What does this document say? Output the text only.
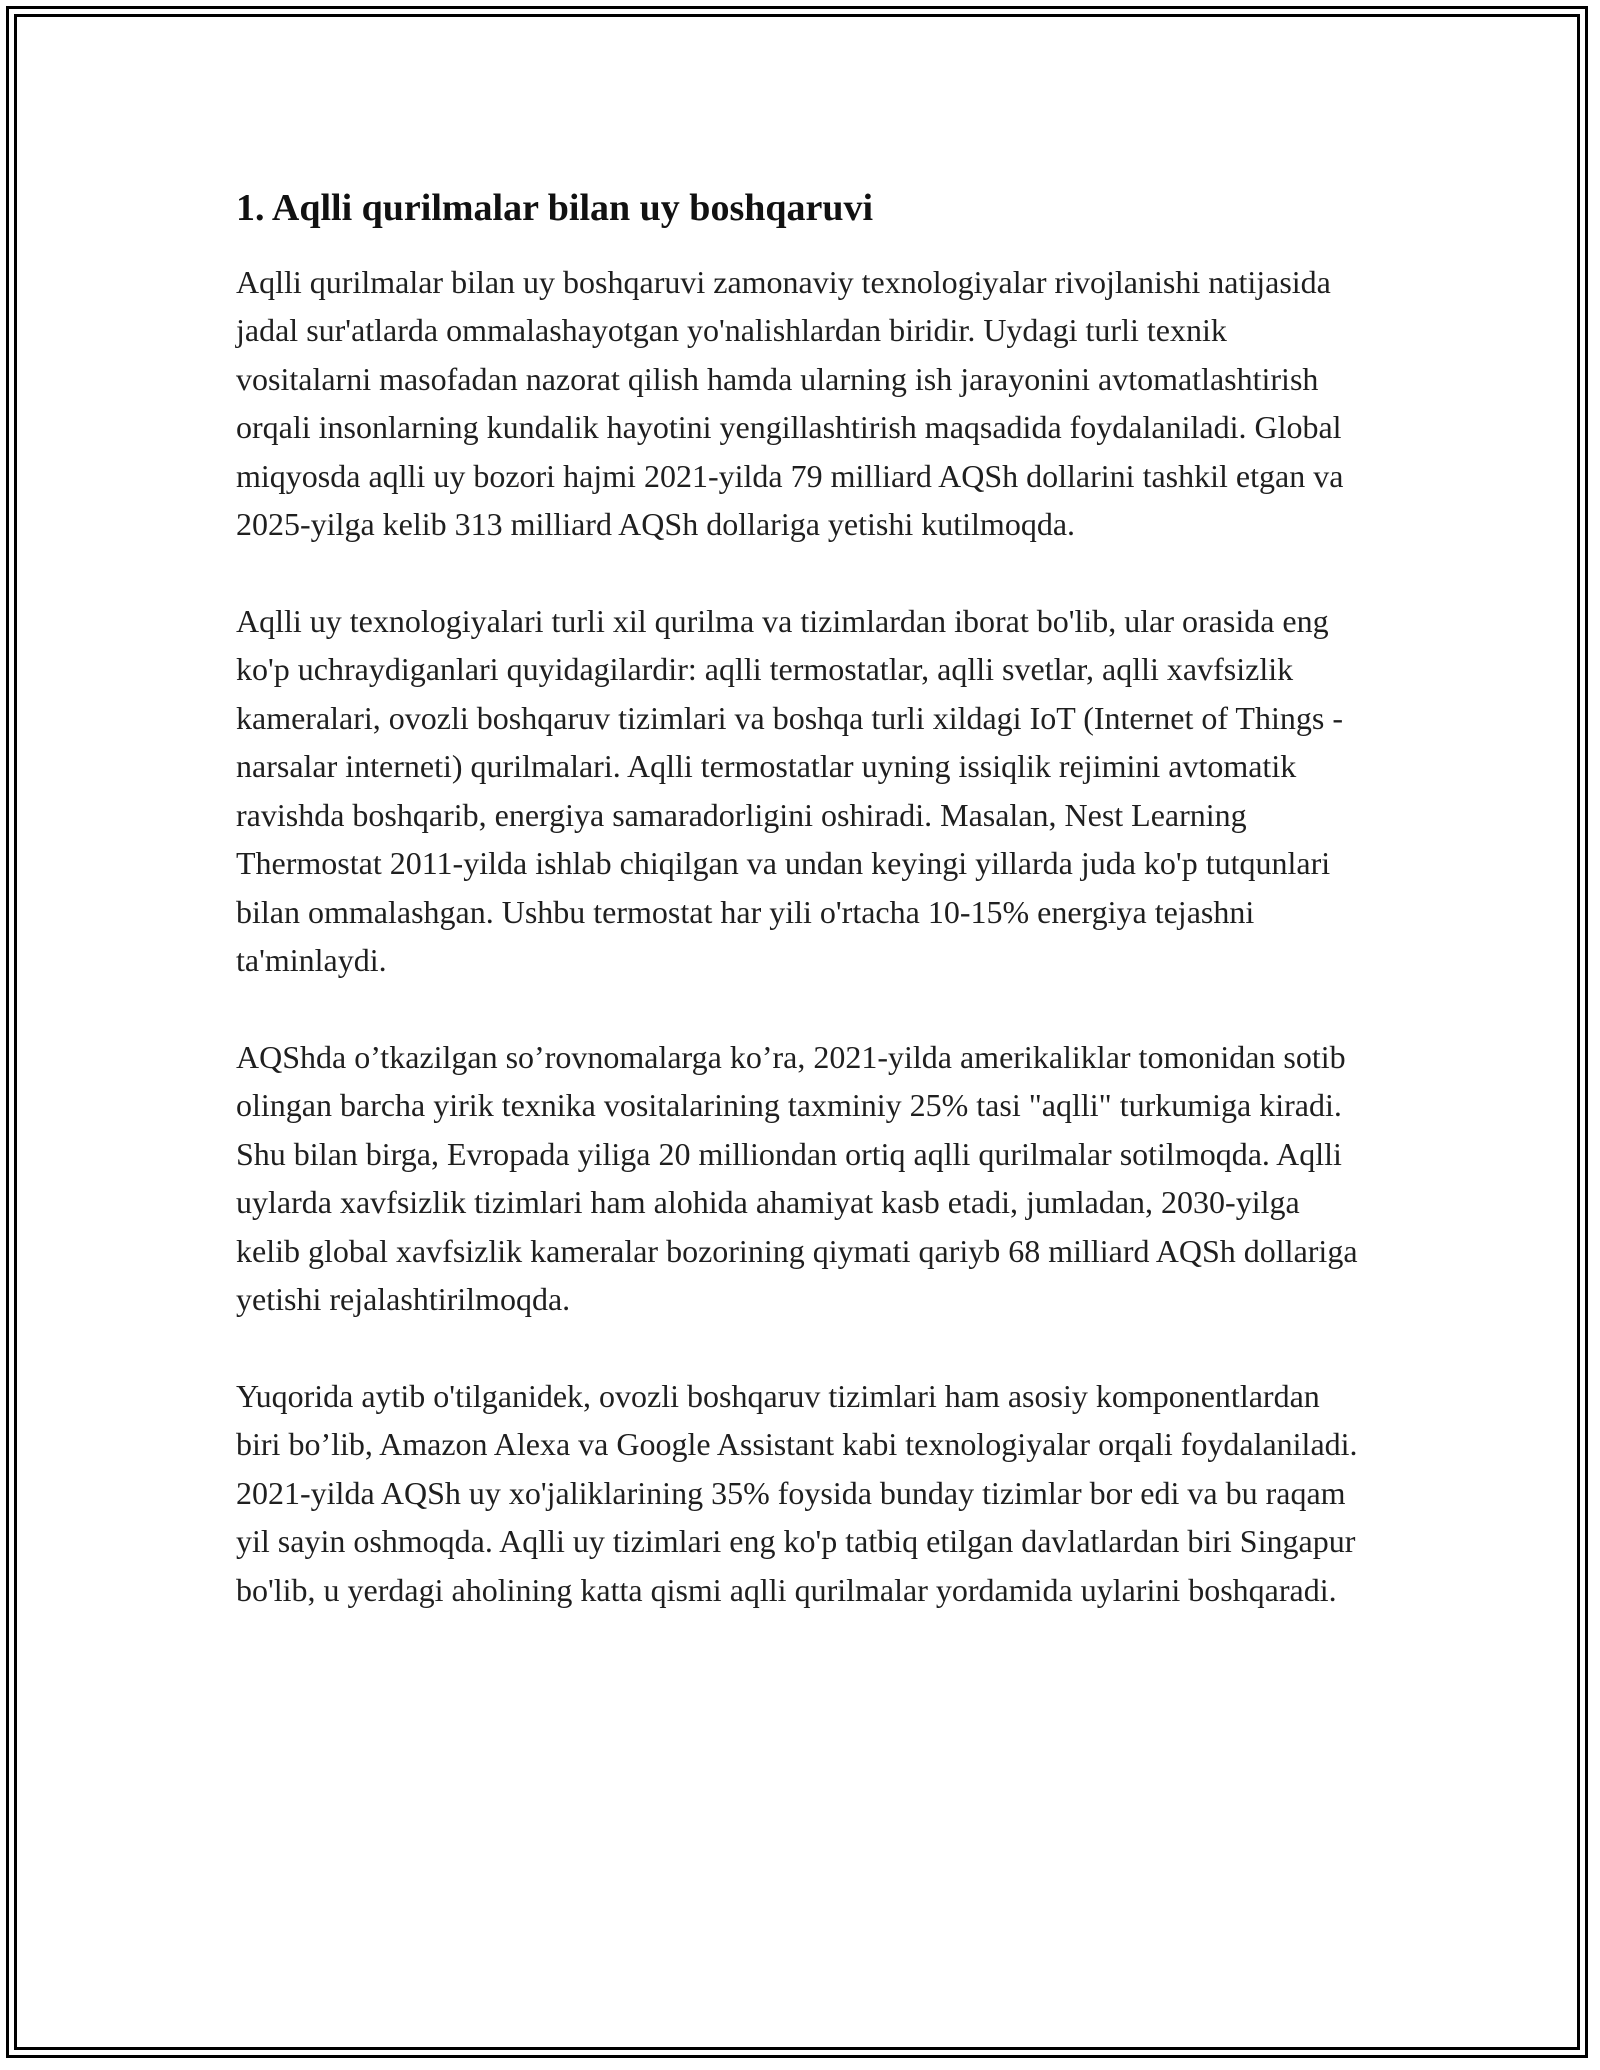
1. Aqlli qurilmalar bilan uy boshqaruvi

Aqlli qurilmalar bilan uy boshqaruvi zamonaviy texnologiyalar rivojlanishi natijasida jadal sur'atlarda ommalashayotgan yo'nalishlardan biridir. Uydagi turli texnik vositalarni masofadan nazorat qilish hamda ularning ish jarayonini avtomatlashtirish orqali insonlarning kundalik hayotini yengillashtirish maqsadida foydalaniladi. Global miqyosda aqlli uy bozori hajmi 2021-yilda 79 milliard AQSh dollarini tashkil etgan va 2025-yilga kelib 313 milliard AQSh dollariga yetishi kutilmoqda.

Aqlli uy texnologiyalari turli xil qurilma va tizimlardan iborat bo'lib, ular orasida eng ko'p uchraydiganlari quyidagilardir: aqlli termostatlar, aqlli svetlar, aqlli xavfsizlik kameralari, ovozli boshqaruv tizimlari va boshqa turli xildagi IoT (Internet of Things - narsalar interneti) qurilmalari. Aqlli termostatlar uyning issiqlik rejimini avtomatik ravishda boshqarib, energiya samaradorligini oshiradi. Masalan, Nest Learning Thermostat 2011-yilda ishlab chiqilgan va undan keyingi yillarda juda ko'p tutqunlari bilan ommalashgan. Ushbu termostat har yili o'rtacha 10-15% energiya tejashni ta'minlaydi.

AQShda o’tkazilgan so’rovnomalarga ko’ra, 2021-yilda amerikaliklar tomonidan sotib olingan barcha yirik texnika vositalarining taxminiy 25% tasi "aqlli" turkumiga kiradi. Shu bilan birga, Evropada yiliga 20 milliondan ortiq aqlli qurilmalar sotilmoqda. Aqlli uylarda xavfsizlik tizimlari ham alohida ahamiyat kasb etadi, jumladan, 2030-yilga kelib global xavfsizlik kameralar bozorining qiymati qariyb 68 milliard AQSh dollariga yetishi rejalashtirilmoqda.

Yuqorida aytib o'tilganidek, ovozli boshqaruv tizimlari ham asosiy komponentlardan biri bo’lib, Amazon Alexa va Google Assistant kabi texnologiyalar orqali foydalaniladi. 2021-yilda AQSh uy xo'jaliklarining 35% foysida bunday tizimlar bor edi va bu raqam yil sayin oshmoqda. Aqlli uy tizimlari eng ko'p tatbiq etilgan davlatlardan biri Singapur bo'lib, u yerdagi aholining katta qismi aqlli qurilmalar yordamida uylarini boshqaradi.
